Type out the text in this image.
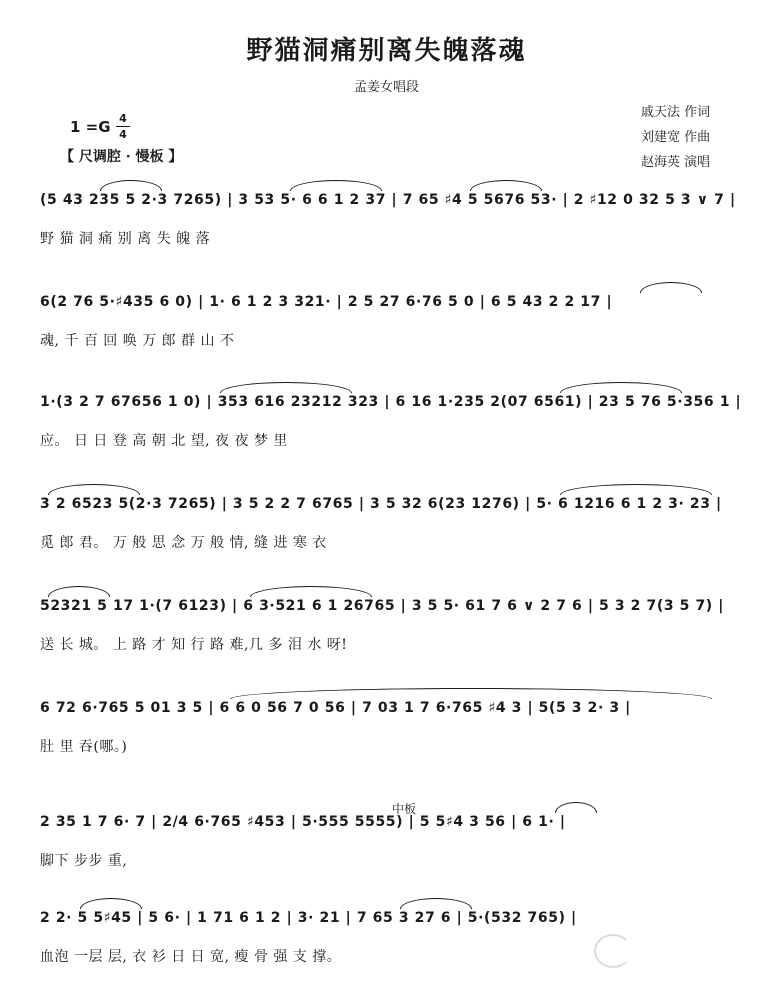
野猫洞痛别离失魄落魂
孟姜女唱段
1 =G 4
4
【 尺调腔 · 慢板 】
戚天法 作词
刘建宽 作曲
赵海英 演唱
中板
(5 43 235 5 2·3 7265) | 3 53 5· 6 6 1 2 37 | 7 65 ♯4 5 5676 53· | 2 ♯12 0 32 5 3 ∨ 7 |
野 猫 洞 痛 别 离 失 魄 落
6(2 76 5·♯435 6 0) | 1· 6 1 2 3 321· | 2 5 27 6·76 5 0 | 6 5 43 2 2 17 |
魂, 千 百 回 唤 万 郎 群 山 不
1·(3 2 7 67656 1 0) | 353 616 23212 323 | 6 16 1·235 2(07 6561) | 23 5 76 5·356 1 |
应。 日 日 登 高 朝 北 望, 夜 夜 梦 里
3 2 6523 5(2·3 7265) | 3 5 2 2 7 6765 | 3 5 32 6(23 1276) | 5· 6 1216 6 1 2 3· 23 |
觅 郎 君。 万 般 思 念 万 般 情, 缝 进 寒 衣
52321 5 17 1·(7 6123) | 6 3·521 6 1 26765 | 3 5 5· 61 7 6 ∨ 2 7 6 | 5 3 2 7(3 5 7) |
送 长 城。 上 路 才 知 行 路 难,几 多 泪 水 呀!
6 72 6·765 5 01 3 5 | 6 6 0 56 7 0 56 | 7 03 1 7 6·765 ♯4 3 | 5(5 3 2· 3 |
肚 里 吞(哪。)
2 35 1 7 6· 7 | 2/4 6·765 ♯453 | 5·555 5555) | 5 5♯4 3 56 | 6 1· |
脚下 步步 重,
2 2· 5 5♯45 | 5 6· | 1 71 6 1 2 | 3· 21 | 7 65 3 27 6 | 5·(532 765) |
血泡 一层 层, 衣 衫 日 日 宽, 瘦 骨 强 支 撑。
